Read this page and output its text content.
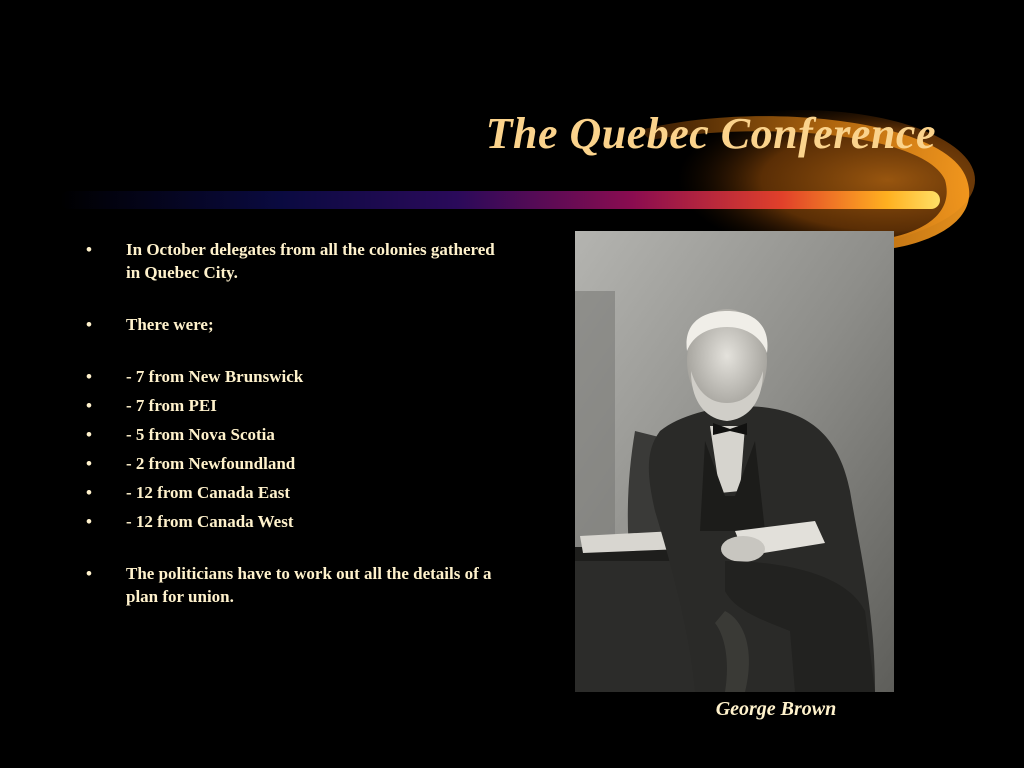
The Quebec Conference
• In October delegates from all the colonies gathered in Quebec City.
• There were;
• - 7 from New Brunswick
• - 7 from PEI
• - 5 from Nova Scotia
• - 2 from Newfoundland
• - 12 from Canada East
• - 12 from Canada West
• The politicians have to work out all the details of a plan for union.
George Brown
